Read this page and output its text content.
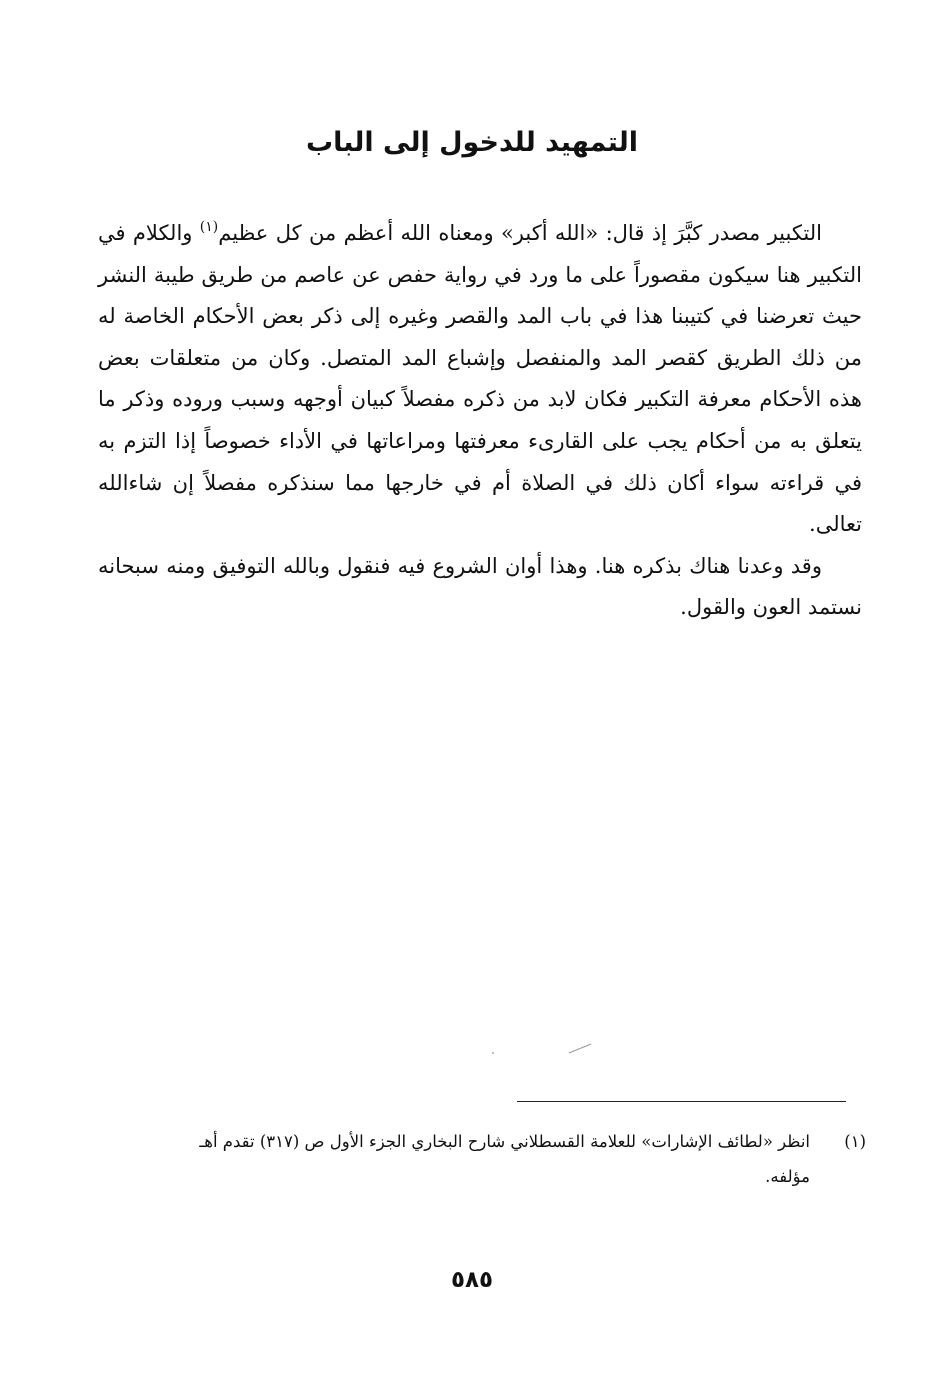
التمهيد للدخول إلى الباب

التكبير مصدر كبَّرَ إذ قال: «الله أكبر» ومعناه الله أعظم من كل عظيم$^{(١)}$ والكلام في التكبير هنا سيكون مقصوراً على ما ورد في رواية حفص عن عاصم من طريق طيبة النشر حيث تعرضنا في كتيبنا هذا في باب المد والقصر وغيره إلى ذكر بعض الأحكام الخاصة له من ذلك الطريق كقصر المد والمنفصل وإشباع المد المتصل. وكان من متعلقات بعض هذه الأحكام معرفة التكبير فكان لابد من ذكره مفصلاً كبيان أوجهه وسبب وروده وذكر ما يتعلق به من أحكام يجب على القارىء معرفتها ومراعاتها في الأداء خصوصاً إذا التزم به في قراءته سواء أكان ذلك في الصلاة أم في خارجها مما سنذكره مفصلاً إن شاءالله تعالى.

وقد وعدنا هناك بذكره هنا. وهذا أوان الشروع فيه فنقول وبالله التوفيق ومنه سبحانه نستمد العون والقول.

(١)انظر «لطائف الإشارات» للعلامة القسطلاني شارح البخاري الجزء الأول ص (٣١٧) تقدم أهـ
مؤلفه.
٥٨٥
